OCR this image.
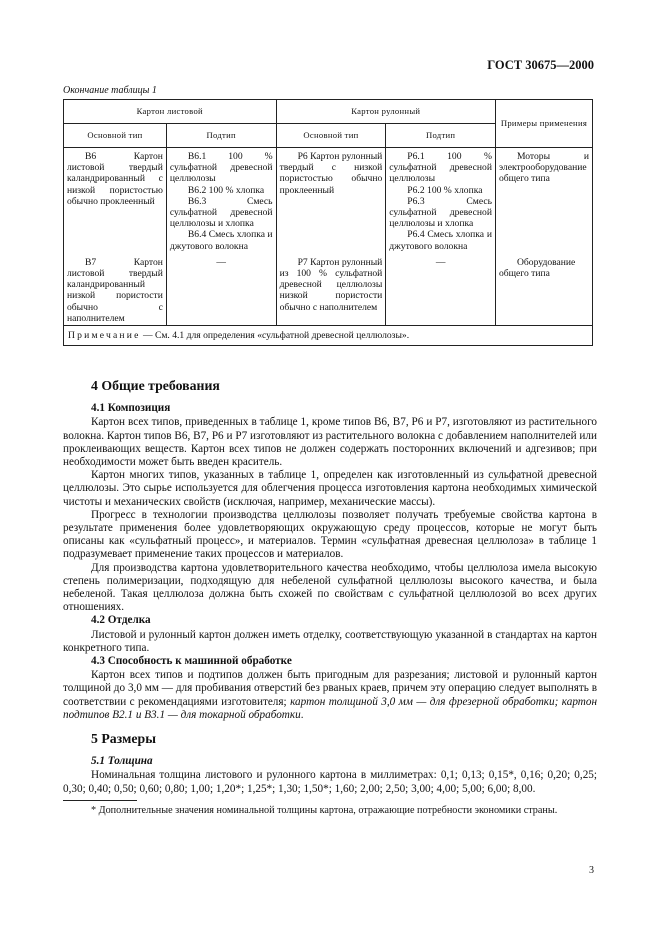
ГОСТ 30675—2000
Окончание таблицы 1
Картон листовой		Картон рулонный		Примеры применения
Основной тип	Подтип	Основной тип	Подтип	
В6 Картон листовой твердый каландрированный с низкой пористостью обычно проклеенный	В6.1 100 % сульфатной древесной целлюлозы
В6.2 100 % хлопка
В6.3 Смесь сульфатной древесной целлюлозы и хлопка
В6.4 Смесь хлопка и джутового волокна	Р6 Картон рулонный твердый с низкой пористостью обычно проклеенный	Р6.1 100 % сульфатной древесной целлюлозы
Р6.2 100 % хлопка
Р6.3 Смесь сульфатной древесной целлюлозы и хлопка
Р6.4 Смесь хлопка и джутового волокна	Моторы и электрооборудование общего типа
В7 Картон листовой твердый каландрированный низкой пористости обычно с наполнителем	—	Р7 Картон рулонный из 100 % сульфатной древесной целлюлозы низкой пористости обычно с наполнителем	—	Оборудование общего типа
Примечание — См. 4.1 для определения «сульфатной древесной целлюлозы».				
4 Общие требования
4.1 Композиция

Картон всех типов, приведенных в таблице 1, кроме типов В6, В7, Р6 и Р7, изготовляют из растительного волокна. Картон типов В6, В7, Р6 и Р7 изготовляют из растительного волокна с добавлением наполнителей или проклеивающих веществ. Картон всех типов не должен содержать посторонних включений и адгезивов; при необходимости может быть введен краситель.

Картон многих типов, указанных в таблице 1, определен как изготовленный из сульфатной древесной целлюлозы. Это сырье используется для облегчения процесса изготовления картона необходимых химической чистоты и механических свойств (исключая, например, механические массы).

Прогресс в технологии производства целлюлозы позволяет получать требуемые свойства картона в результате применения более удовлетворяющих окружающую среду процессов, которые не могут быть описаны как «сульфатный процесс», и материалов. Термин «сульфатная древесная целлюлоза» в таблице 1 подразумевает применение таких процессов и материалов.

Для производства картона удовлетворительного качества необходимо, чтобы целлюлоза имела высокую степень полимеризации, подходящую для небеленой сульфатной целлюлозы высокого качества, и была небеленой. Такая целлюлоза должна быть схожей по свойствам с сульфатной целлюлозой во всех других отношениях.

4.2 Отделка

Листовой и рулонный картон должен иметь отделку, соответствующую указанной в стандартах на картон конкретного типа.

4.3 Способность к машинной обработке

Картон всех типов и подтипов должен быть пригодным для разрезания; листовой и рулонный картон толщиной до 3,0 мм — для пробивания отверстий без рваных краев, причем эту операцию следует выполнять в соответствии с рекомендациями изготовителя; картон толщиной 3,0 мм — для фрезерной обработки; картон подтипов В2.1 и В3.1 — для токарной обработки.

5 Размеры
5.1 Толщина

Номинальная толщина листового и рулонного картона в миллиметрах: 0,1; 0,13; 0,15*, 0,16; 0,20; 0,25; 0,30; 0,40; 0,50; 0,60; 0,80; 1,00; 1,20*; 1,25*; 1,30; 1,50*; 1,60; 2,00; 2,50; 3,00; 4,00; 5,00; 6,00; 8,00.

* Дополнительные значения номинальной толщины картона, отражающие потребности экономики страны.

3
